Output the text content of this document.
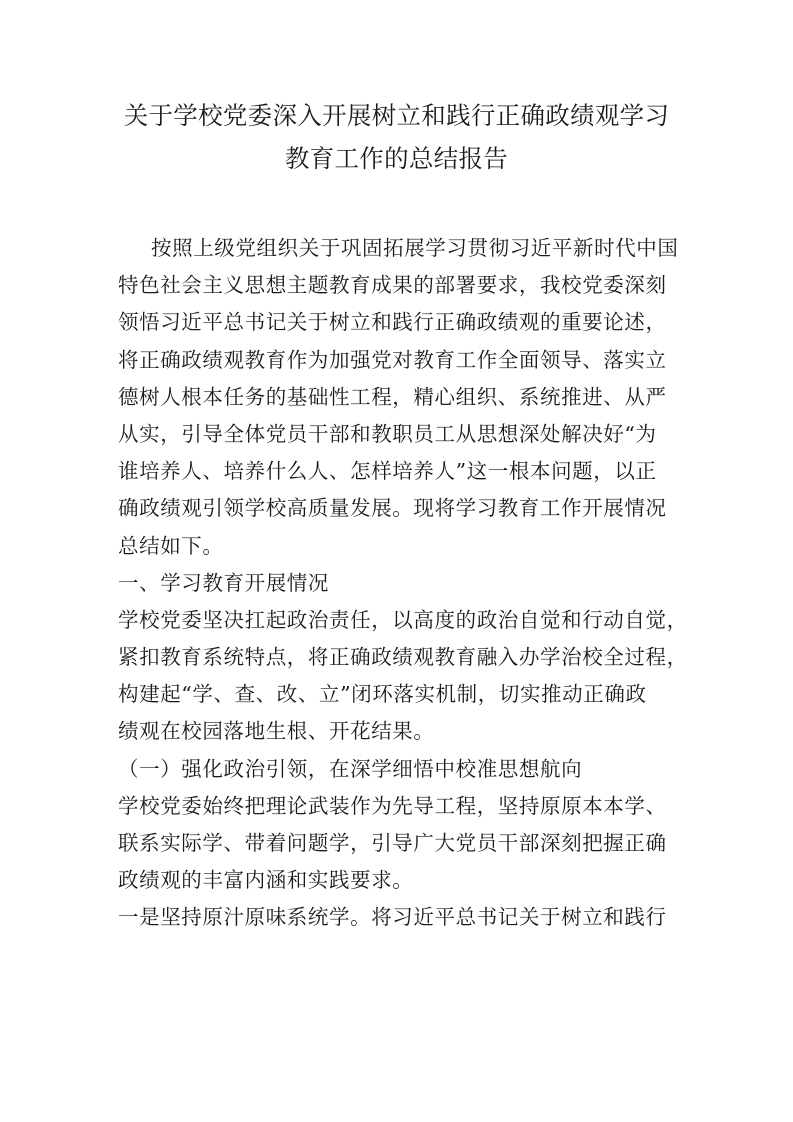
关于学校党委深入开展树立和践行正确政绩观学习
教育工作的总结报告
按照上级党组织关于巩固拓展学习贯彻习近平新时代中国
特色社会主义思想主题教育成果的部署要求，我校党委深刻
领悟习近平总书记关于树立和践行正确政绩观的重要论述，
将正确政绩观教育作为加强党对教育工作全面领导、落实立
德树人根本任务的基础性工程，精心组织、系统推进、从严
从实，引导全体党员干部和教职员工从思想深处解决好“为
谁培养人、培养什么人、怎样培养人”这一根本问题，以正
确政绩观引领学校高质量发展。现将学习教育工作开展情况
总结如下。
一、学习教育开展情况
学校党委坚决扛起政治责任，以高度的政治自觉和行动自觉，
紧扣教育系统特点，将正确政绩观教育融入办学治校全过程，
构建起“学、查、改、立”闭环落实机制，切实推动正确政
绩观在校园落地生根、开花结果。
（一）强化政治引领，在深学细悟中校准思想航向
学校党委始终把理论武装作为先导工程，坚持原原本本学、
联系实际学、带着问题学，引导广大党员干部深刻把握正确
政绩观的丰富内涵和实践要求。
一是坚持原汁原味系统学。将习近平总书记关于树立和践行
